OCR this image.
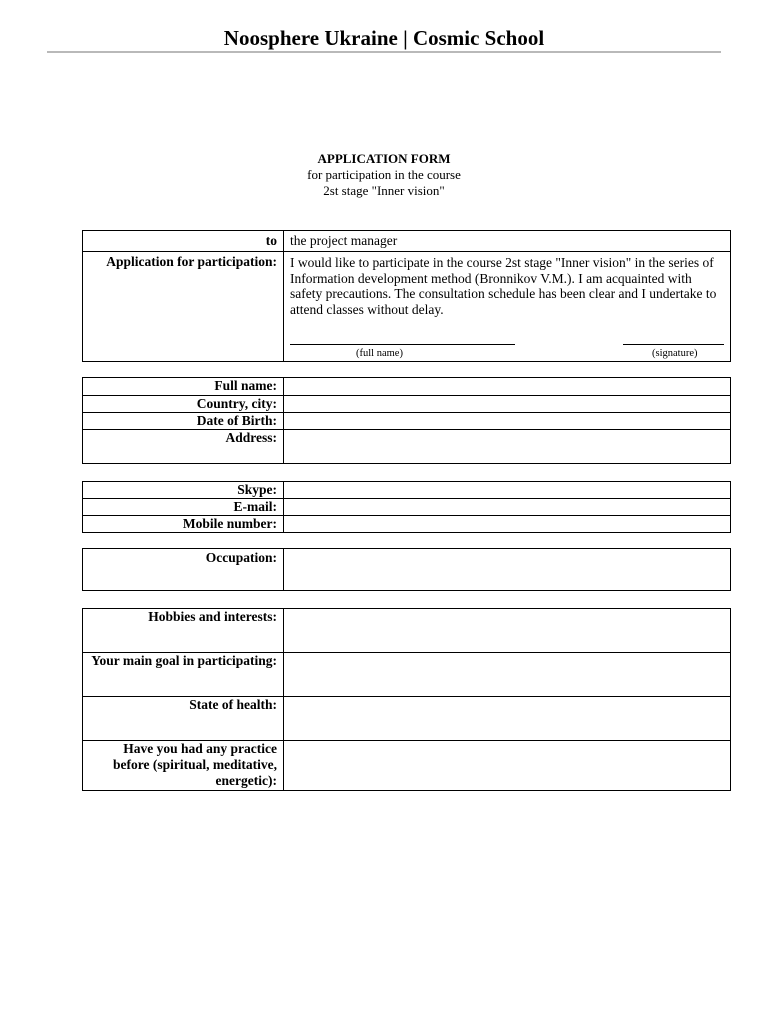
Noosphere Ukraine | Cosmic School
APPLICATION FORM
for participation in the course
2st stage "Inner vision"
to	the project manager
Application for participation:	I would like to participate in the course 2st stage "Inner vision" in the series of Information development method (Bronnikov V.M.). I am acquainted with safety precautions. The consultation schedule has been clear and I undertake to attend classes without delay.
(full name) (signature)
Full name:	
Country, city:	
Date of Birth:	
Address:	
Skype:	
E-mail:	
Mobile number:	
Occupation:	
Hobbies and interests:	
Your main goal in participating:	
State of health:	
Have you had any practice before (spiritual, meditative, energetic):	
